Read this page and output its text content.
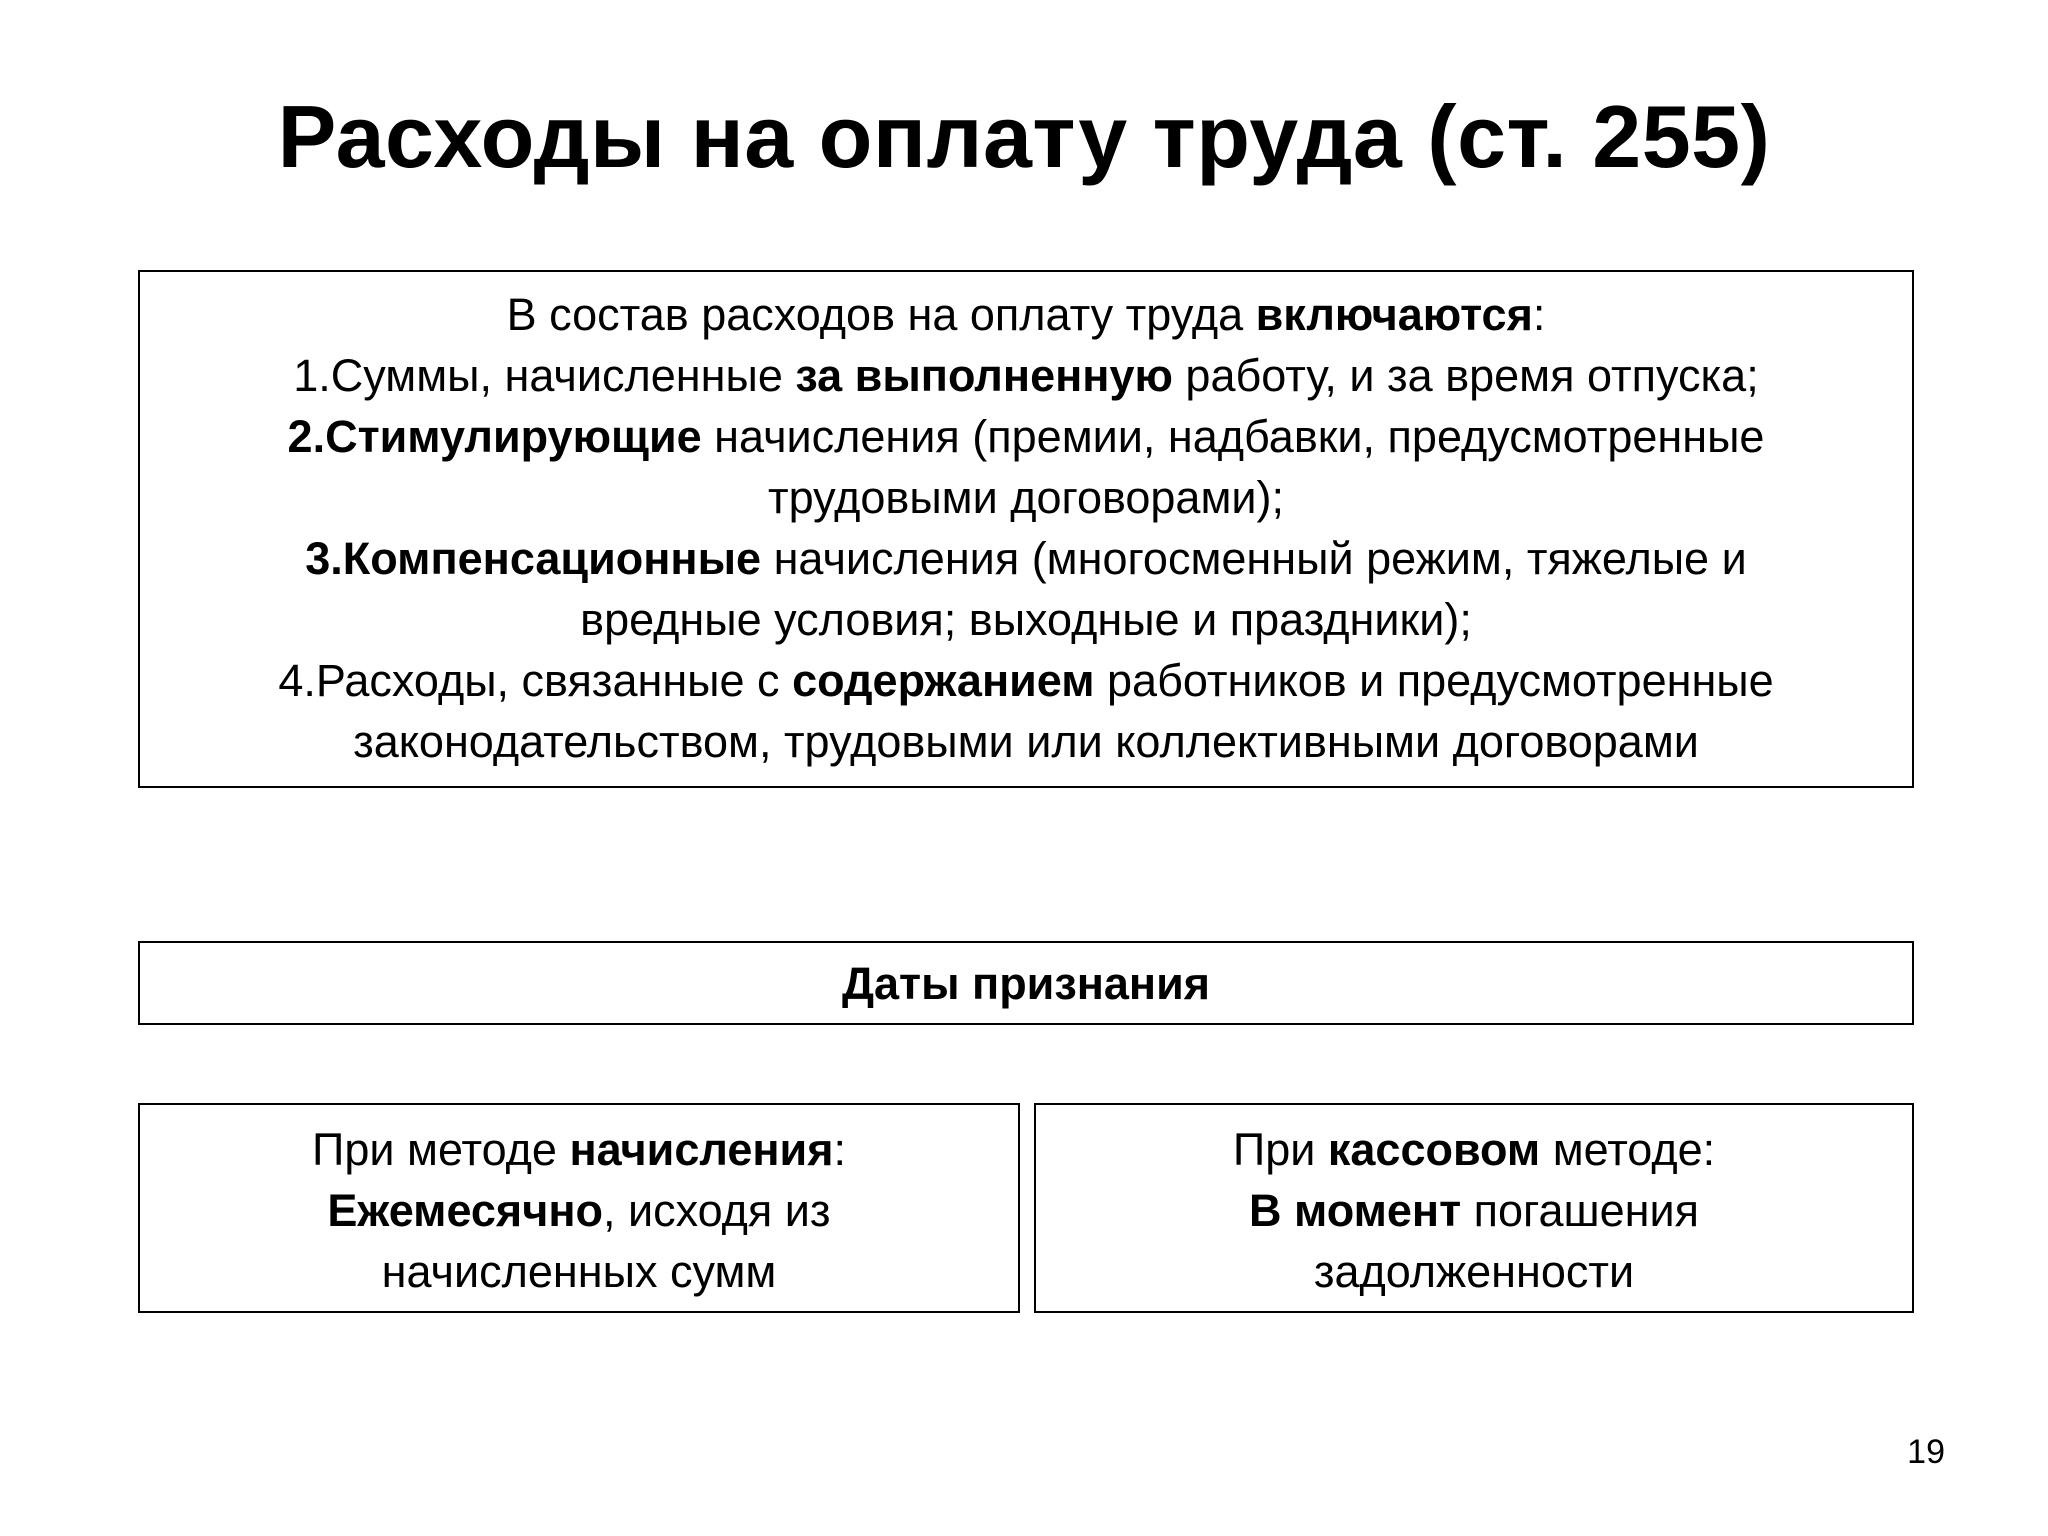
Расходы на оплату труда (ст. 255)
В состав расходов на оплату труда включаются:
1.Суммы, начисленные за выполненную работу, и за время отпуска;
2.Стимулирующие начисления (премии, надбавки, предусмотренные
трудовыми договорами);
3.Компенсационные начисления (многосменный режим, тяжелые и
вредные условия; выходные и праздники);
4.Расходы, связанные с содержанием работников и предусмотренные
законодательством, трудовыми или коллективными договорами
Даты признания
При методе начисления:
Ежемесячно, исходя из
начисленных сумм
При кассовом методе:
В момент погашения
задолженности
19
